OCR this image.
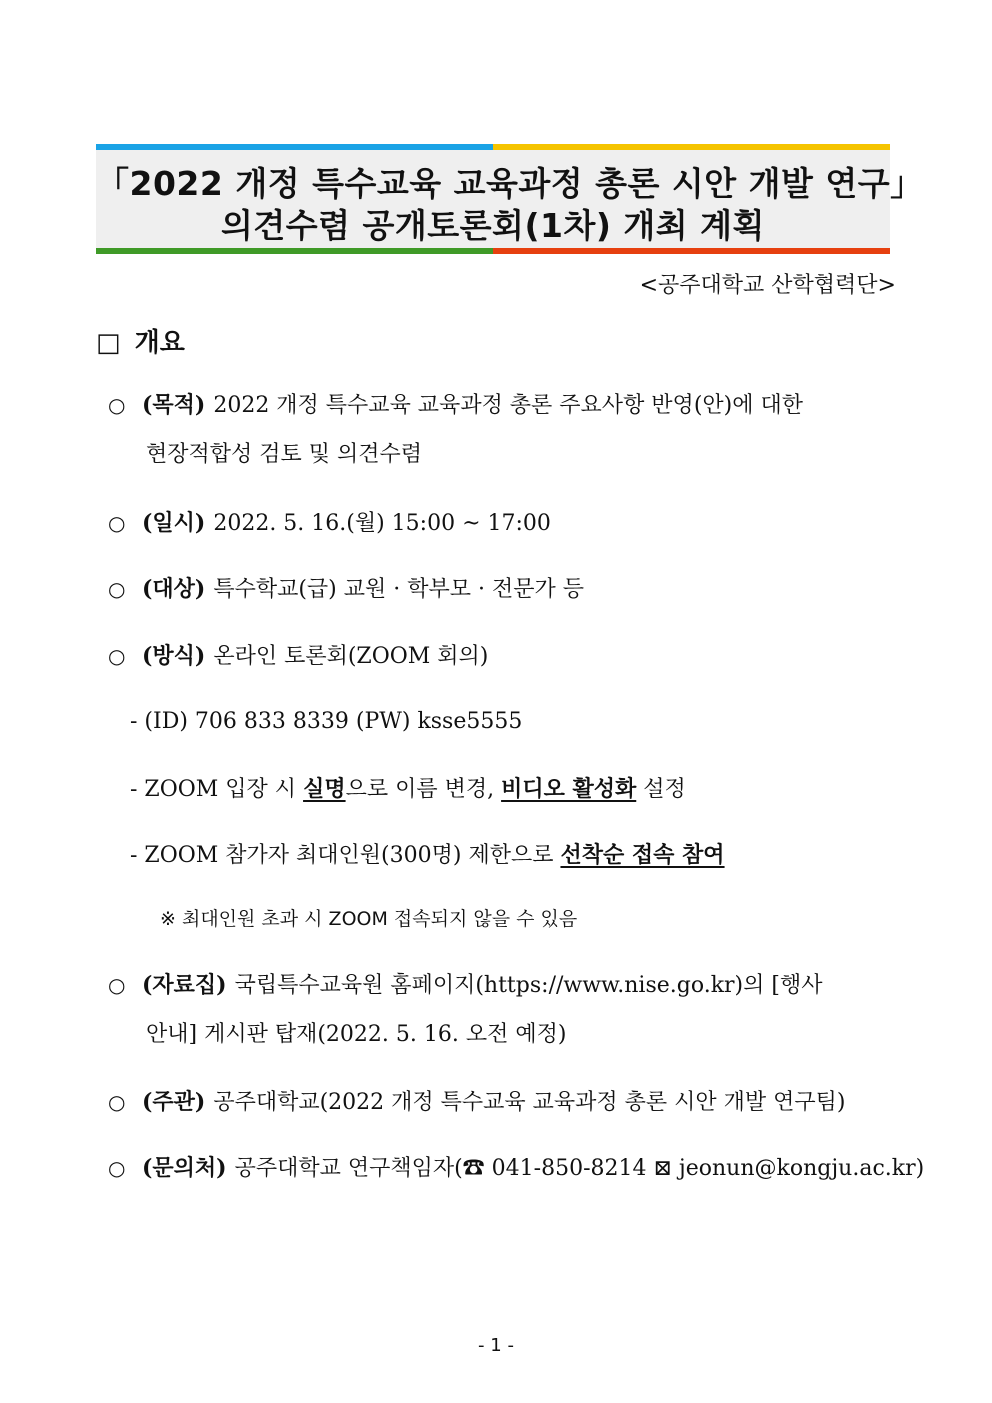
「2022 개정 특수교육 교육과정 총론 시안 개발 연구」
의견수렴 공개토론회(1차) 개최 계획
<공주대학교 산학협력단>
□ 개요
○ (목적) 2022 개정 특수교육 교육과정 총론 주요사항 반영(안)에 대한
현장적합성 검토 및 의견수렴
○ (일시) 2022. 5. 16.(월) 15:00 ~ 17:00
○ (대상) 특수학교(급) 교원 · 학부모 · 전문가 등
○ (방식) 온라인 토론회(ZOOM 회의)
- (ID) 706 833 8339 (PW) ksse5555
- ZOOM 입장 시 실명으로 이름 변경, 비디오 활성화 설정
- ZOOM 참가자 최대인원(300명) 제한으로 선착순 접속 참여
※ 최대인원 초과 시 ZOOM 접속되지 않을 수 있음
○ (자료집) 국립특수교육원 홈페이지(https://www.nise.go.kr)의 [행사
안내] 게시판 탑재(2022. 5. 16. 오전 예정)
○ (주관) 공주대학교(2022 개정 특수교육 교육과정 총론 시안 개발 연구팀)
○ (문의처) 공주대학교 연구책임자(☎ 041-850-8214 ⊠ jeonun@kongju.ac.kr)
- 1 -
